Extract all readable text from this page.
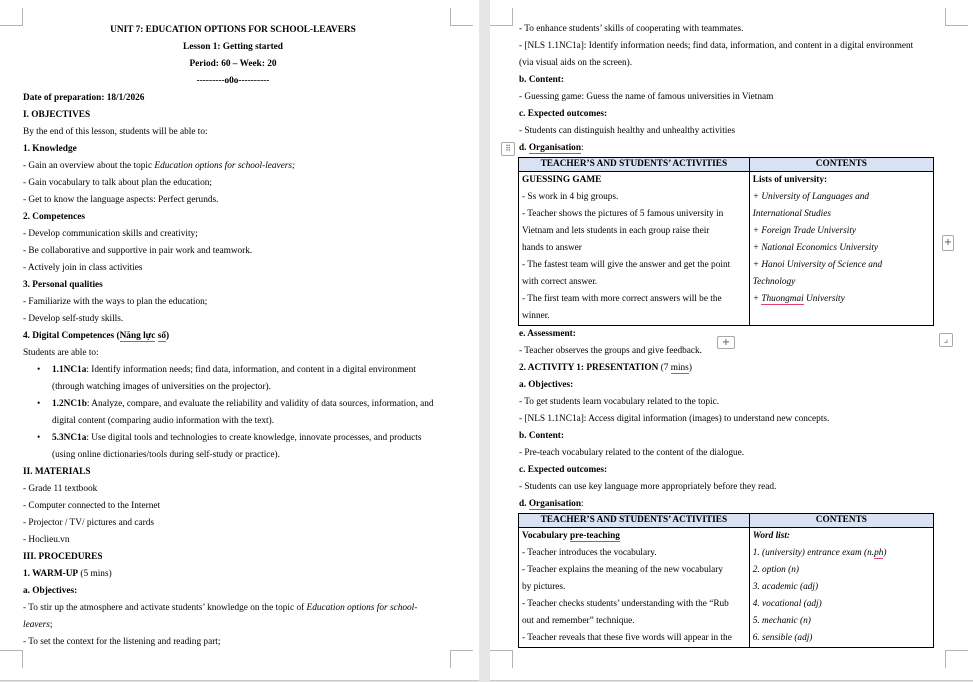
UNIT 7: EDUCATION OPTIONS FOR SCHOOL-LEAVERS
Lesson 1: Getting started
Period: 60 – Week: 20
---------o0o----------
Date of preparation: 18/1/2026
I. OBJECTIVES
By the end of this lesson, students will be able to:
1. Knowledge
- Gain an overview about the topic Education options for school-leavers;
- Gain vocabulary to talk about plan the education;
- Get to know the language aspects: Perfect gerunds.
2. Competences
- Develop communication skills and creativity;
- Be collaborative and supportive in pair work and teamwork.
- Actively join in class activities
3. Personal qualities
- Familiarize with the ways to plan the education;
- Develop self-study skills.
4. Digital Competences (Năng lực số)
Students are able to:
• 1.1NC1a: Identify information needs; find data, information, and content in a digital environment (through watching images of universities on the projector).
• 1.2NC1b: Analyze, compare, and evaluate the reliability and validity of data sources, information, and digital content (comparing audio information with the text).
• 5.3NC1a: Use digital tools and technologies to create knowledge, innovate processes, and products (using online dictionaries/tools during self-study or practice).
II. MATERIALS
- Grade 11 textbook
- Computer connected to the Internet
- Projector / TV/ pictures and cards
- Hoclieu.vn
III. PROCEDURES
1. WARM-UP (5 mins)
a. Objectives:
- To stir up the atmosphere and activate students’ knowledge on the topic of Education options for school-
leavers;
- To set the context for the listening and reading part;
- To enhance students’ skills of cooperating with teammates.
- [NLS 1.1NC1a]: Identify information needs; find data, information, and content in a digital environment
(via visual aids on the screen).
b. Content:
- Guessing game: Guess the name of famous universities in Vietnam
c. Expected outcomes:
- Students can distinguish healthy and unhealthy activities
d. Organisation:
TEACHER’S AND STUDENTS’ ACTIVITIES	CONTENTS

GUESSING GAME
- Ss work in 4 big groups.
- Teacher shows the pictures of 5 famous university in
Vietnam and lets students in each group raise their
hands to answer
- The fastest team will give the answer and get the point
with correct answer.
- The first team with more correct answers will be the
winner.

Lists of university:
+ University of Languages and
International Studies
+ Foreign Trade University
+ National Economics University
+ Hanoi University of Science and
Technology
+ Thuongmai University
e. Assessment:
- Teacher observes the groups and give feedback.
2. ACTIVITY 1: PRESENTATION (7 mins)
a. Objectives:
- To get students learn vocabulary related to the topic.
- [NLS 1.1NC1a]: Access digital information (images) to understand new concepts.
b. Content:
- Pre-teach vocabulary related to the content of the dialogue.
c. Expected outcomes:
- Students can use key language more appropriately before they read.
d. Organisation:
TEACHER’S AND STUDENTS’ ACTIVITIES	CONTENTS

Vocabulary pre-teaching
- Teacher introduces the vocabulary.
- Teacher explains the meaning of the new vocabulary
by pictures.
- Teacher checks students’ understanding with the “Rub
out and remember” technique.
- Teacher reveals that these five words will appear in the

Word list:
1. (university) entrance exam (n.ph)
2. option (n)
3. academic (adj)
4. vocational (adj)
5. mechanic (n)
6. sensible (adj)
⠿
+
+	⌟
